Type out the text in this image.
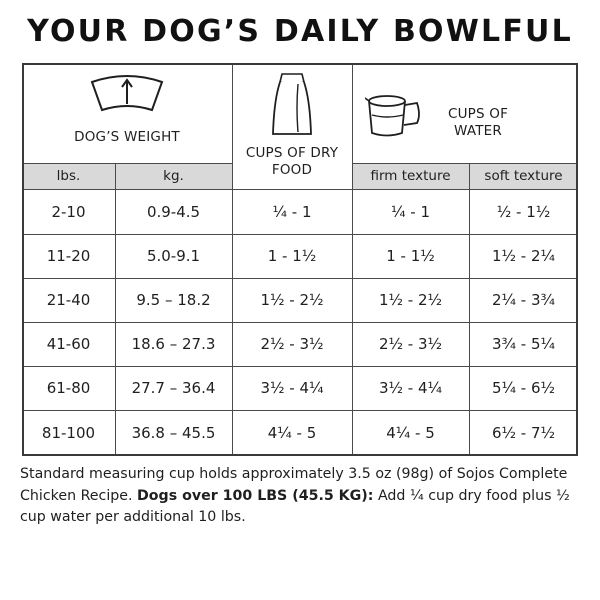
YOUR DOG’S DAILY BOWLFUL
DOG’S WEIGHT
CUPS OF DRY FOOD
CUPS OF WATER
lbs.	kg.	firm texture	soft texture
2-10	0.9-4.5	¼ - 1	¼ - 1	½ - 1½
11-20	5.0-9.1	1 - 1½	1 - 1½	1½ - 2¼
21-40	9.5 – 18.2	1½ - 2½	1½ - 2½	2¼ - 3¾
41-60	18.6 – 27.3	2½ - 3½	2½ - 3½	3¾ - 5¼
61-80	27.7 – 36.4	3½ - 4¼	3½ - 4¼	5¼ - 6½
81-100	36.8 – 45.5	4¼ - 5	4¼ - 5	6½ - 7½
Standard measuring cup holds approximately 3.5 oz (98g) of Sojos Complete Chicken Recipe. Dogs over 100 LBS (45.5 KG): Add ¼ cup dry food plus ½ cup water per additional 10 lbs.
